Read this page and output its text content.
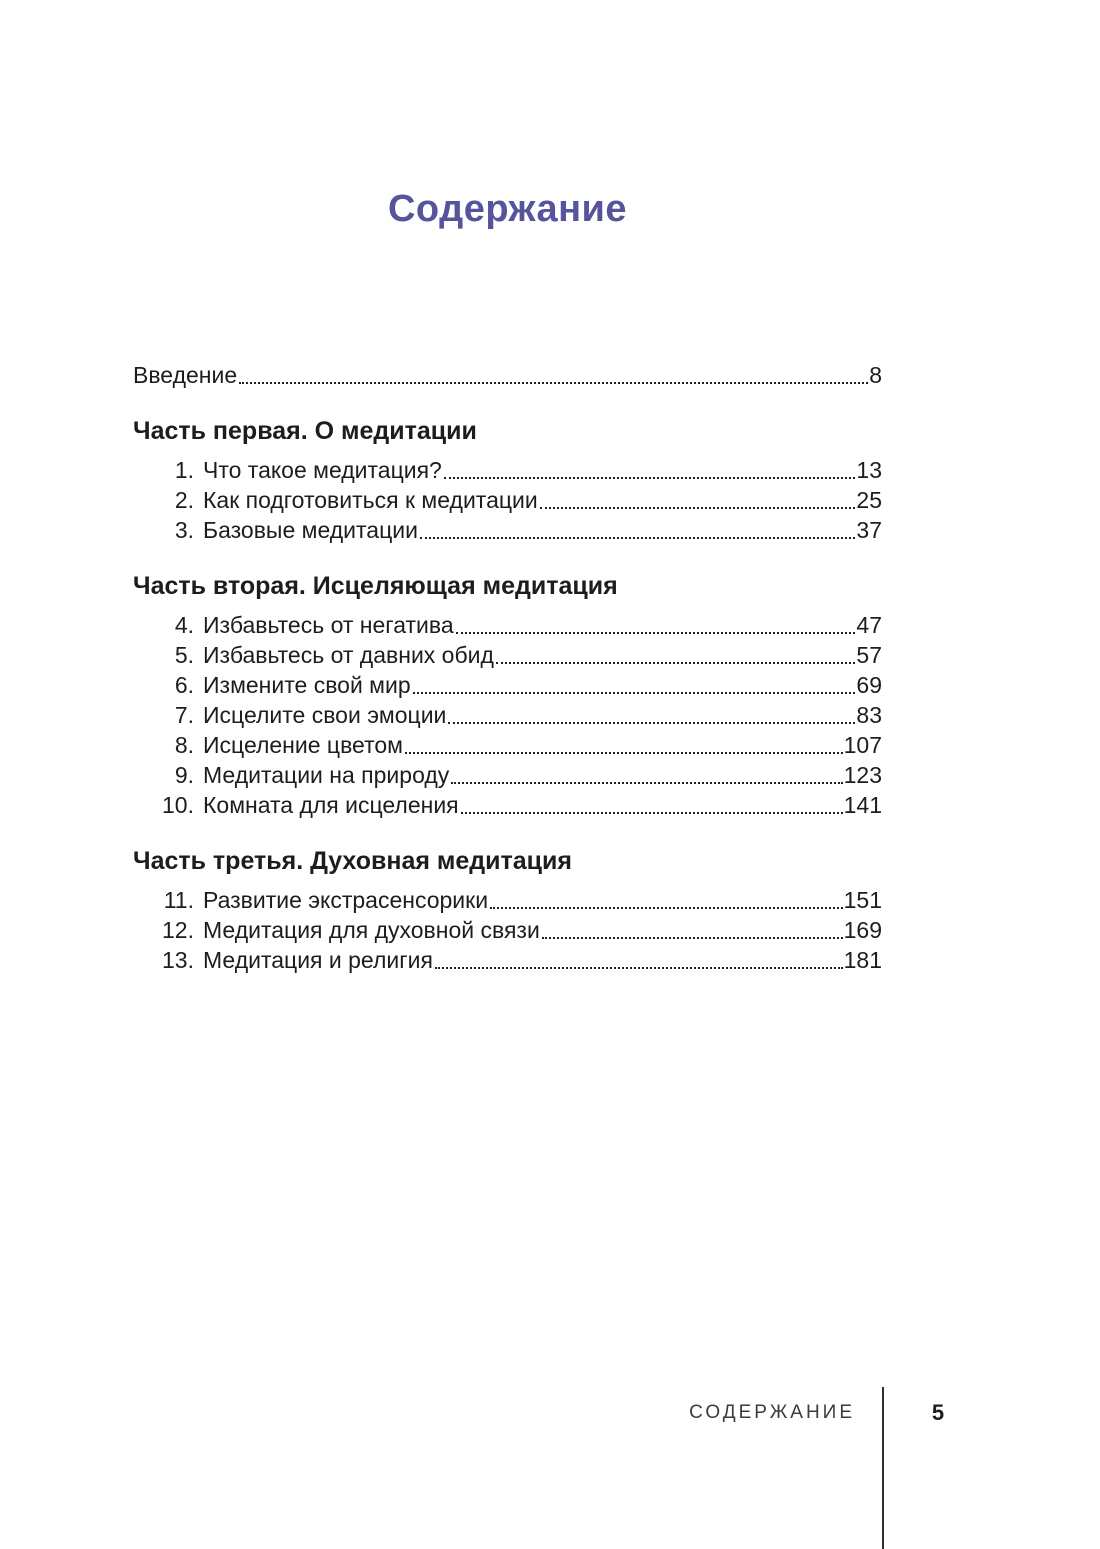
Содержание
Введение	8
Часть первая. О медитации
1. Что такое медитация?	13
2. Как подготовиться к медитации	25
3. Базовые медитации	37
Часть вторая. Исцеляющая медитация
4. Избавьтесь от негатива	47
5. Избавьтесь от давних обид	57
6. Измените свой мир	69
7. Исцелите свои эмоции	83
8. Исцеление цветом	107
9. Медитации на природу	123
10. Комната для исцеления	141
Часть третья. Духовная медитация
11. Развитие экстрасенсорики	151
12. Медитация для духовной связи	169
13. Медитация и религия	181
СОДЕРЖАНИЕ	5
